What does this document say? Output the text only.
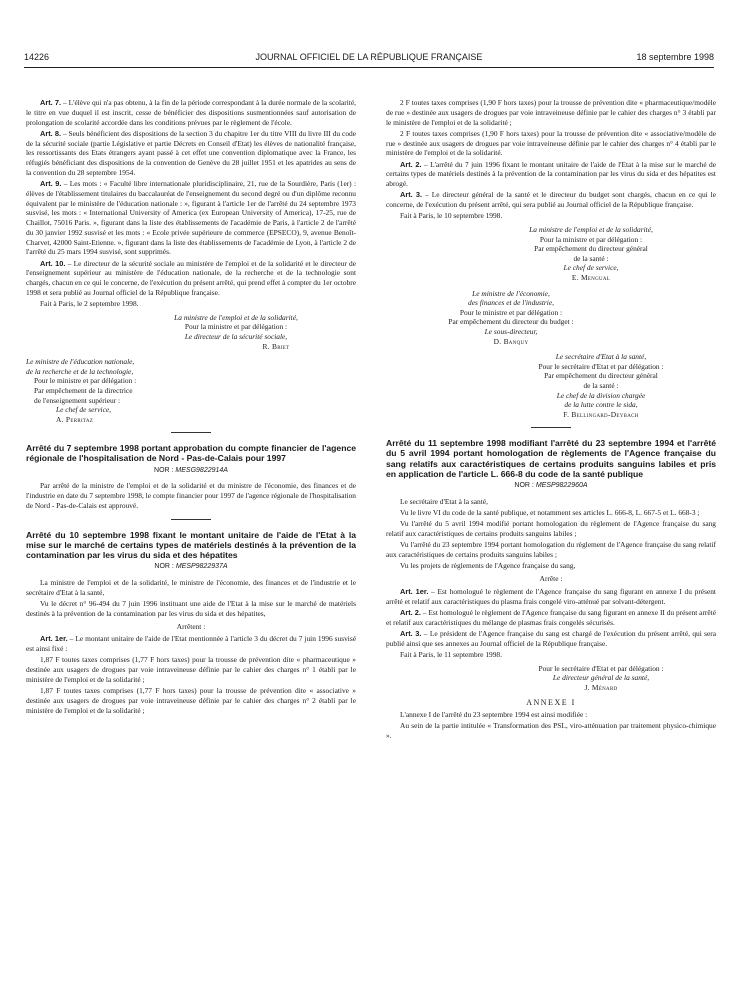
14226	JOURNAL OFFICIEL DE LA RÉPUBLIQUE FRANÇAISE	18 septembre 1998

Art. 7. – L'élève qui n'a pas obtenu, à la fin de la période correspondant à la durée normale de la scolarité, le titre en vue duquel il est inscrit, cesse de bénéficier des dispositions susmentionnées sauf autorisation de prolongation de scolarité accordée dans les conditions prévues par le règlement de l'école.

Art. 8. – Seuls bénéficient des dispositions de la section 3 du chapitre 1er du titre VIII du livre III du code de la sécurité sociale (partie Législative et partie Décrets en Conseil d'Etat) les élèves de nationalité française, les ressortissants des Etats étrangers ayant passé à cet effet une convention diplomatique avec la France, les réfugiés bénéficiant des dispositions de la convention de Genève du 28 juillet 1951 et les apatrides au sens de la convention du 28 septembre 1954.

Art. 9. – Les mots : « Faculté libre internationale pluridisciplinaire, 21, rue de la Sourdière, Paris (1er) : élèves de l'établissement titulaires du baccalauréat de l'enseignement du second degré ou d'un diplôme reconnu équivalent par le ministère de l'éducation nationale : », figurant à l'article 1er de l'arrêté du 24 septembre 1973 susvisé, les mots : « International University of America (ex European University of America), 17-25, rue de Chaillot, 75016 Paris. », figurant dans la liste des établissements de l'académie de Paris, à l'article 2 de l'arrêté du 30 janvier 1992 susvisé et les mots : « Ecole privée supérieure de commerce (EPSECO), 9, avenue Benoît-Charvet, 42000 Saint-Etienne. », figurant dans la liste des établissements de l'académie de Lyon, à l'article 2 de l'arrêté du 25 mars 1994 susvisé, sont supprimés.

Art. 10. – Le directeur de la sécurité sociale au ministère de l'emploi et de la solidarité et le directeur de l'enseignement supérieur au ministère de l'éducation nationale, de la recherche et de la technologie sont chargés, chacun en ce qui le concerne, de l'exécution du présent arrêté, qui prend effet à compter du 1er octobre 1998 et sera publié au Journal officiel de la République française.

Fait à Paris, le 2 septembre 1998.

La ministre de l'emploi et de la solidarité,
Pour la ministre et par délégation :
Le directeur de la sécurité sociale,
R. Briet
Le ministre de l'éducation nationale,
de la recherche et de la technologie,
Pour le ministre et par délégation :
Par empêchement de la directrice
de l'enseignement supérieur :
Le chef de service,
A. Perritaz
Arrêté du 7 septembre 1998 portant approbation du compte financier de l'agence régionale de l'hospitalisation de Nord - Pas-de-Calais pour 1997
NOR : MESG9822914A

Par arrêté de la ministre de l'emploi et de la solidarité et du ministre de l'économie, des finances et de l'industrie en date du 7 septembre 1998, le compte financier pour 1997 de l'agence régionale de l'hospitalisation de Nord - Pas-de-Calais est approuvé.

Arrêté du 10 septembre 1998 fixant le montant unitaire de l'aide de l'Etat à la mise sur le marché de certains types de matériels destinés à la prévention de la contamination par les virus du sida et des hépatites
NOR : MESP9822937A

La ministre de l'emploi et de la solidarité, le ministre de l'économie, des finances et de l'industrie et le secrétaire d'Etat à la santé,

Vu le décret n° 96-494 du 7 juin 1996 instituant une aide de l'Etat à la mise sur le marché de matériels destinés à la prévention de la contamination par les virus du sida et des hépatites,

Arrêtent :

Art. 1er. – Le montant unitaire de l'aide de l'Etat mentionnée à l'article 3 du décret du 7 juin 1996 susvisé est ainsi fixé :

1,87 F toutes taxes comprises (1,77 F hors taxes) pour la trousse de prévention dite « pharmaceutique » destinée aux usagers de drogues par voie intraveineuse définie par le cahier des charges n° 1 établi par le ministère de l'emploi et de la solidarité ;

1,87 F toutes taxes comprises (1,77 F hors taxes) pour la trousse de prévention dite « associative » destinée aux usagers de drogues par voie intraveineuse définie par le cahier des charges n° 2 établi par le ministère de l'emploi et de la solidarité ;

2 F toutes taxes comprises (1,90 F hors taxes) pour la trousse de prévention dite « pharmaceutique/modèle de rue » destinée aux usagers de drogues par voie intraveineuse définie par le cahier des charges n° 3 établi par le ministère de l'emploi et de la solidarité ;

2 F toutes taxes comprises (1,90 F hors taxes) pour la trousse de prévention dite « associative/modèle de rue » destinée aux usagers de drogues par voie intraveineuse définie par le cahier des charges n° 4 établi par le ministère de l'emploi et de la solidarité.

Art. 2. – L'arrêté du 7 juin 1996 fixant le montant unitaire de l'aide de l'Etat à la mise sur le marché de certains types de matériels destinés à la prévention de la contamination par les virus du sida et des hépatites est abrogé.

Art. 3. – Le directeur général de la santé et le directeur du budget sont chargés, chacun en ce qui le concerne, de l'exécution du présent arrêté, qui sera publié au Journal officiel de la République française.

Fait à Paris, le 10 septembre 1998.

La ministre de l'emploi et de la solidarité,
Pour la ministre et par délégation :
Par empêchement du directeur général
de la santé :
Le chef de service,
E. Mengual
Le ministre de l'économie,
des finances et de l'industrie,
Pour le ministre et par délégation :
Par empêchement du directeur du budget :
Le sous-directeur,
D. Banquy
Le secrétaire d'Etat à la santé,
Pour le secrétaire d'Etat et par délégation :
Par empêchement du directeur général
de la santé :
Le chef de la division chargée
de la lutte contre le sida,
F. Bellingard-Deybach
Arrêté du 11 septembre 1998 modifiant l'arrêté du 23 septembre 1994 et l'arrêté du 5 avril 1994 portant homologation de règlements de l'Agence française du sang relatifs aux caractéristiques de certains produits sanguins labiles et pris en application de l'article L. 666-8 du code de la santé publique
NOR : MESP9822960A

Le secrétaire d'Etat à la santé,

Vu le livre VI du code de la santé publique, et notamment ses articles L. 666-8, L. 667-5 et L. 668-3 ;

Vu l'arrêté du 5 avril 1994 modifié portant homologation du règlement de l'Agence française du sang relatif aux caractéristiques de certains produits sanguins labiles ;

Vu l'arrêté du 23 septembre 1994 portant homologation du règlement de l'Agence française du sang relatif aux caractéristiques de certains produits sanguins labiles ;

Vu les projets de règlements de l'Agence française du sang,

Arrête :

Art. 1er. – Est homologué le règlement de l'Agence française du sang figurant en annexe I du présent arrêté et relatif aux caractéristiques du plasma frais congelé viro-atténué par solvant-détergent.

Art. 2. – Est homologué le règlement de l'Agence française du sang figurant en annexe II du présent arrêté et relatif aux caractéristiques du mélange de plasmas frais congelés sécurisés.

Art. 3. – Le président de l'Agence française du sang est chargé de l'exécution du présent arrêté, qui sera publié ainsi que ses annexes au Journal officiel de la République française.

Fait à Paris, le 11 septembre 1998.

Pour le secrétaire d'Etat et par délégation :
Le directeur général de la santé,
J. Ménard
ANNEXE I

L'annexe I de l'arrêté du 23 septembre 1994 est ainsi modifiée :

Au sein de la partie intitulée « Transformation des PSL, viro-atténuation par traitement physico-chimique ».
